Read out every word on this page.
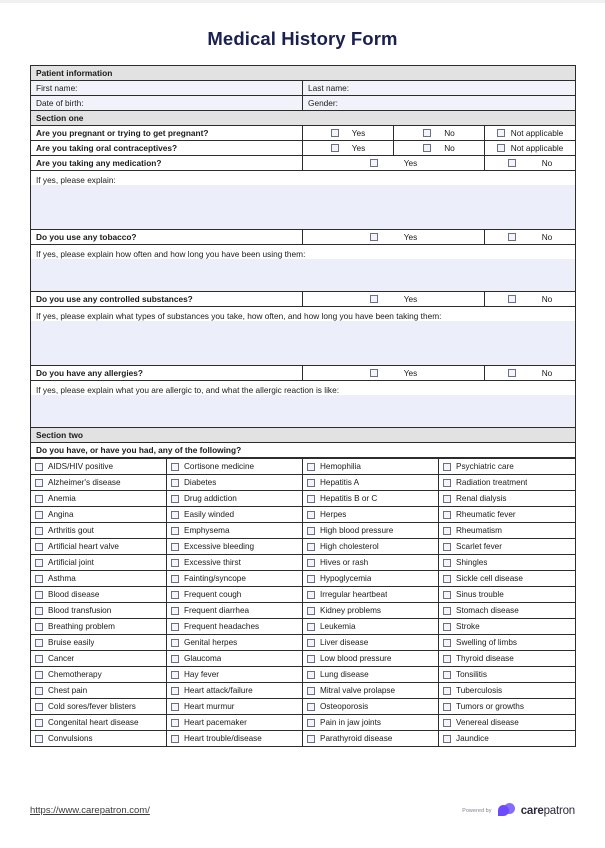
Medical History Form
Patient information			
First name:	Last name:		
Date of birth:	Gender:		
Section one			
Are you pregnant or trying to get pregnant?	Yes	No	Not applicable

Are you taking oral contraceptives?	Yes	No	Not applicable

Are you taking any medication?	Yes		No

If yes, please explain:			

Do you use any tobacco?	Yes		No

If yes, please explain how often and how long you have been using them:			

Do you use any controlled substances?	Yes		No

If yes, please explain what types of substances you take, how often, and how long you have been taking them:			

Do you have any allergies?	Yes		No

If yes, please explain what you are allergic to, and what the allergic reaction is like:			

Section two			
Do you have, or have you had, any of the following?			
AIDS/HIV positive	Cortisone medicine	Hemophilia	Psychiatric care

Alzheimer's disease	Diabetes	Hepatitis A	Radiation treatment

Anemia	Drug addiction	Hepatitis B or C	Renal dialysis

Angina	Easily winded	Herpes	Rheumatic fever

Arthritis gout	Emphysema	High blood pressure	Rheumatism

Artificial heart valve	Excessive bleeding	High cholesterol	Scarlet fever

Artificial joint	Excessive thirst	Hives or rash	Shingles

Asthma	Fainting/syncope	Hypoglycemia	Sickle cell disease

Blood disease	Frequent cough	Irregular heartbeat	Sinus trouble

Blood transfusion	Frequent diarrhea	Kidney problems	Stomach disease

Breathing problem	Frequent headaches	Leukemia	Stroke

Bruise easily	Genital herpes	Liver disease	Swelling of limbs

Cancer	Glaucoma	Low blood pressure	Thyroid disease

Chemotherapy	Hay fever	Lung disease	Tonsilitis

Chest pain	Heart attack/failure	Mitral valve prolapse	Tuberculosis

Cold sores/fever blisters	Heart murmur	Osteoporosis	Tumors or growths

Congenital heart disease	Heart pacemaker	Pain in jaw joints	Venereal disease

Convulsions	Heart trouble/disease	Parathyroid disease	Jaundice
https://www.carepatron.com/	Powered by	carepatron
